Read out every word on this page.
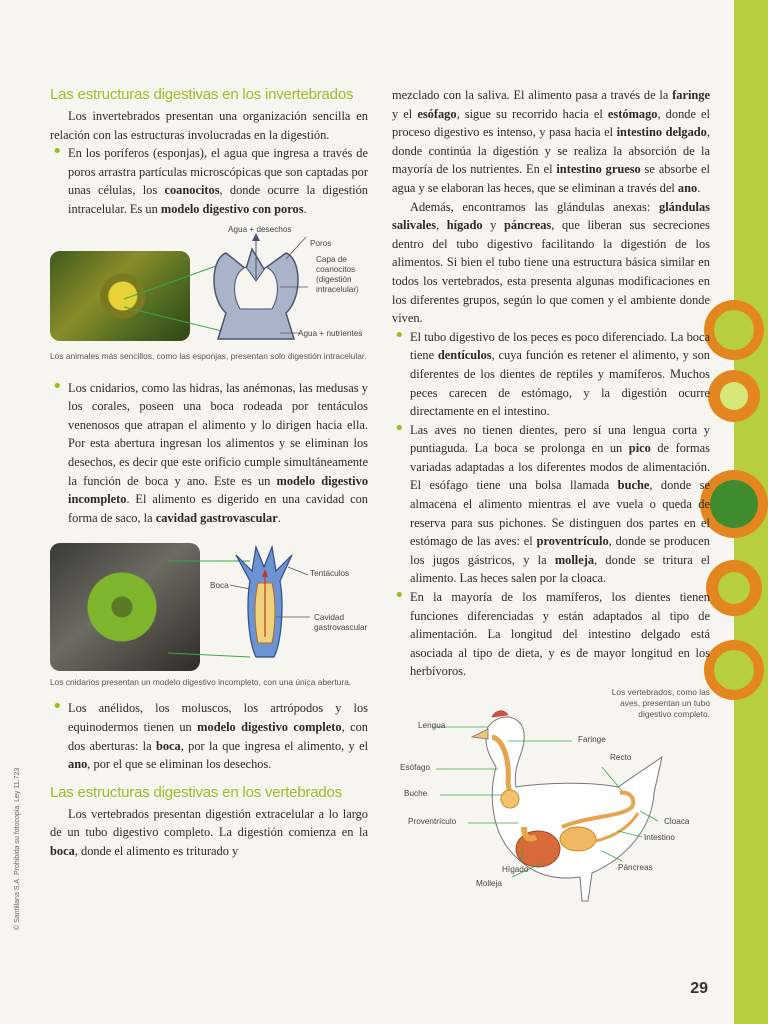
© Santillana S.A. Prohibida su fotocopia. Ley 11.723
Las estructuras digestivas en los invertebrados

Los invertebrados presentan una organización sencilla en relación con las estructuras involucradas en la digestión.

• En los poríferos (esponjas), el agua que ingresa a través de poros arrastra partículas microscópicas que son captadas por unas células, los coanocitos, donde ocurre la digestión intracelular. Es un modelo digestivo con poros.
Agua + desechos
Poros
Capa de coanocitos (digestión intracelular)
Agua + nutrientes
Los animales más sencillos, como las esponjas, presentan solo digestión intracelular.
• Los cnidarios, como las hidras, las anémonas, las medusas y los corales, poseen una boca rodeada por tentáculos venenosos que atrapan el alimento y lo dirigen hacia ella. Por esta abertura ingresan los alimentos y se eliminan los desechos, es decir que este orificio cumple simultáneamente la función de boca y ano. Este es un modelo digestivo incompleto. El alimento es digerido en una cavidad con forma de saco, la cavidad gastrovascular.
Boca
Tentáculos
Cavidad gastrovascular
Los cnidarios presentan un modelo digestivo incompleto, con una única abertura.
• Los anélidos, los moluscos, los artrópodos y los equinodermos tienen un modelo digestivo completo, con dos aberturas: la boca, por la que ingresa el alimento, y el ano, por el que se eliminan los desechos.
Las estructuras digestivas en los vertebrados

Los vertebrados presentan digestión extracelular a lo largo de un tubo digestivo completo. La digestión comienza en la boca, donde el alimento es triturado y

mezclado con la saliva. El alimento pasa a través de la faringe y el esófago, sigue su recorrido hacia el estómago, donde el proceso digestivo es intenso, y pasa hacia el intestino delgado, donde continúa la digestión y se realiza la absorción de la mayoría de los nutrientes. En el intestino grueso se absorbe el agua y se elaboran las heces, que se eliminan a través del ano.

Además, encontramos las glándulas anexas: glándulas salivales, hígado y páncreas, que liberan sus secreciones dentro del tubo digestivo facilitando la digestión de los alimentos. Si bien el tubo tiene una estructura básica similar en todos los vertebrados, esta presenta algunas modificaciones en los diferentes grupos, según lo que comen y el ambiente donde viven.

• El tubo digestivo de los peces es poco diferenciado. La boca tiene dentículos, cuya función es retener el alimento, y son diferentes de los dientes de reptiles y mamíferos. Muchos peces carecen de estómago, y la digestión ocurre directamente en el intestino.
• Las aves no tienen dientes, pero sí una lengua corta y puntiaguda. La boca se prolonga en un pico de formas variadas adaptadas a los diferentes modos de alimentación. El esófago tiene una bolsa llamada buche, donde se almacena el alimento mientras el ave vuela o queda de reserva para sus pichones. Se distinguen dos partes en el estómago de las aves: el proventrículo, donde se producen los jugos gástricos, y la molleja, donde se tritura el alimento. Las heces salen por la cloaca.
• En la mayoría de los mamíferos, los dientes tienen funciones diferenciadas y están adaptados al tipo de alimentación. La longitud del intestino delgado está asociada al tipo de dieta, y es de mayor longitud en los herbívoros.
Los vertebrados, como las aves, presentan un tubo digestivo completo.
Lengua
Faringe
Recto
Esófago
Buche
Cloaca
Proventrículo
Intestino
Hígado	Páncreas
Molleja
29
